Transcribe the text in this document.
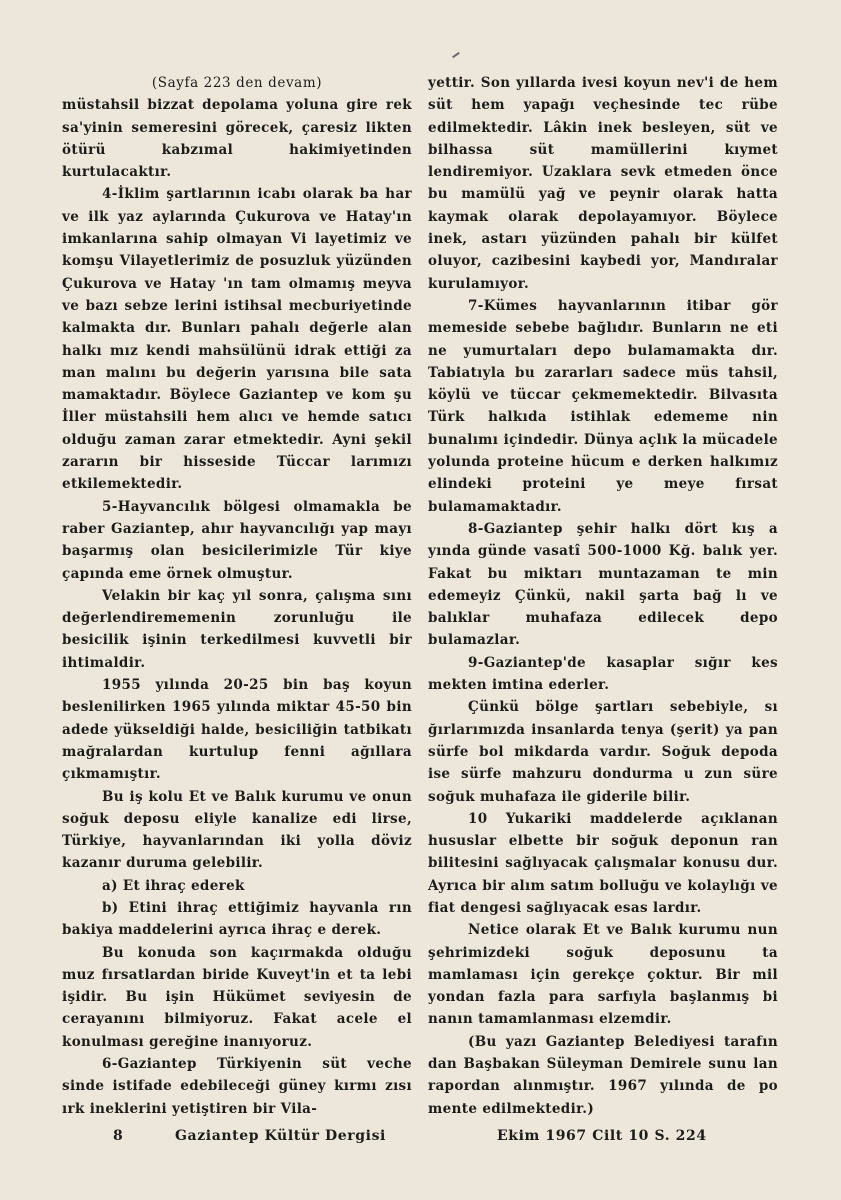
(Sayfa 223 den devam)

müstahsil bizzat depolama yoluna gire rek sa'yinin semeresini görecek, çaresiz likten ötürü kabzımal hakimiyetinden kurtulacaktır.

4-İklim şartlarının icabı olarak ba har ve ilk yaz aylarında Çukurova ve Hatay'ın imkanlarına sahip olmayan Vi layetimiz ve komşu Vilayetlerimiz de posuzluk yüzünden Çukurova ve Hatay 'ın tam olmamış meyva ve bazı sebze lerini istihsal mecburiyetinde kalmakta dır. Bunları pahalı değerle alan halkı mız kendi mahsülünü idrak ettiği za man malını bu değerin yarısına bile sata mamaktadır. Böylece Gaziantep ve kom şu İller müstahsili hem alıcı ve hemde satıcı olduğu zaman zarar etmektedir. Ayni şekil zararın bir hisseside Tüccar larımızı etkilemektedir.

5-Hayvancılık bölgesi olmamakla be raber Gaziantep, ahır hayvancılığı yap mayı başarmış olan besicilerimizle Tür kiye çapında eme örnek olmuştur.

Velakin bir kaç yıl sonra, çalışma sını değerlendirememenin zorunluğu ile besicilik işinin terkedilmesi kuvvetli bir ihtimaldir.

1955 yılında 20-25 bin baş koyun beslenilirken 1965 yılında miktar 45-50 bin adede yükseldiği halde, besiciliğin tatbikatı mağralardan kurtulup fenni ağıllara çıkmamıştır.

Bu iş kolu Et ve Balık kurumu ve onun soğuk deposu eliyle kanalize edi lirse, Türkiye, hayvanlarından iki yolla döviz kazanır duruma gelebilir.

a) Et ihraç ederek

b) Etini ihraç ettiğimiz hayvanla rın bakiya maddelerini ayrıca ihraç e derek.

Bu konuda son kaçırmakda olduğu muz fırsatlardan biride Kuveyt'in et ta lebi işidir. Bu işin Hükümet seviyesin de cerayanını bilmiyoruz. Fakat acele el konulması gereğine inanıyoruz.

6-Gaziantep Türkiyenin süt veche sinde istifade edebileceği güney kırmı zısı ırk ineklerini yetiştiren bir Vila-

yettir. Son yıllarda ivesi koyun nev'i de hem süt hem yapağı veçhesinde tec rübe edilmektedir. Lâkin inek besleyen, süt ve bilhassa süt mamüllerini kıymet lendiremiyor. Uzaklara sevk etmeden önce bu mamülü yağ ve peynir olarak hatta kaymak olarak depolayamıyor. Böylece inek, astarı yüzünden pahalı bir külfet oluyor, cazibesini kaybedi yor, Mandıralar kurulamıyor.

7-Kümes hayvanlarının itibar gör memeside sebebe bağlıdır. Bunların ne eti ne yumurtaları depo bulamamakta dır. Tabiatıyla bu zararları sadece müs tahsil, köylü ve tüccar çekmemektedir. Bilvasıta Türk halkıda istihlak edememe nin bunalımı içindedir. Dünya açlık la mücadele yolunda proteine hücum e derken halkımız elindeki proteini ye meye fırsat bulamamaktadır.

8-Gaziantep şehir halkı dört kış a yında günde vasatî 500-1000 Kğ. balık yer. Fakat bu miktarı muntazaman te min edemeyiz Çünkü, nakil şarta bağ lı ve balıklar muhafaza edilecek depo bulamazlar.

9-Gaziantep'de kasaplar sığır kes mekten imtina ederler.

Çünkü bölge şartları sebebiyle, sı ğırlarımızda insanlarda tenya (şerit) ya pan sürfe bol mikdarda vardır. Soğuk depoda ise sürfe mahzuru dondurma u zun süre soğuk muhafaza ile giderile bilir.

10 Yukariki maddelerde açıklanan hususlar elbette bir soğuk deponun ran bilitesini sağlıyacak çalışmalar konusu dur. Ayrıca bir alım satım bolluğu ve kolaylığı ve fiat dengesi sağlıyacak esas lardır.

Netice olarak Et ve Balık kurumu nun şehrimizdeki soğuk deposunu ta mamlaması için gerekçe çoktur. Bir mil yondan fazla para sarfıyla başlanmış bi nanın tamamlanması elzemdir.

(Bu yazı Gaziantep Belediyesi tarafın dan Başbakan Süleyman Demirele sunu lan rapordan alınmıştır. 1967 yılında de po mente edilmektedir.)

8	Gaziantep Kültür Dergisi	Ekim 1967 Cilt 10 S. 224
